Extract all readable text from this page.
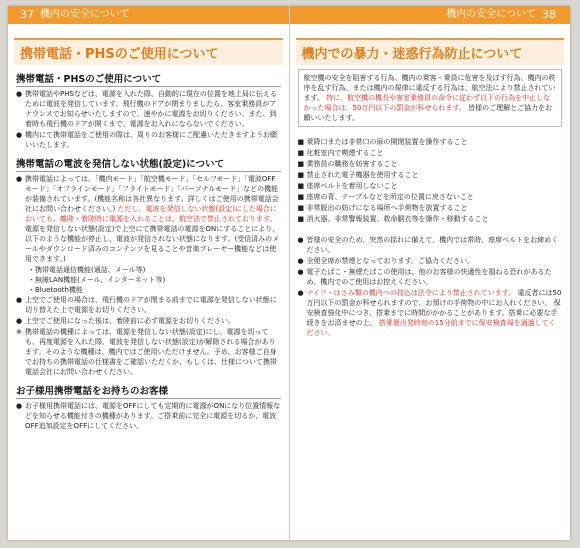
37 機内の安全について
携帯電話・PHSのご使用について
携帯電話・PHSのご使用について
● 携帯電話やPHSなどは、電源を入れた際、自動的に現在の位置を地上局に伝えるために電波を発信しています。飛行機のドアが閉まりましたら、客室乗務員がアナウンスでお知らせいたしますので、速やかに電源をお切りください。また、到着時も飛行機のドアが開くまで、電源をお入れにならないでください。
● 機内にて携帯電話をご使用の際は、周りのお客様にご配慮いただきますようお願いいたします。
携帯電話の電波を発信しない状態(設定)について
● 携帯電話によっては、「機内モード」「航空機モード」「セルフモード」「電波OFFモード」「オフラインモード」「フライトモード」「パーソナルモード」などの機能が装備されています。(機能名称は各社異なります。詳しくはご使用の携帯電話会社にお問い合わせください。) ただし、電波を発信しない状態(設定)にした場合においても、離陸・着陸時に電源を入れることは、航空法で禁止されております。 電源を発信しない状態(設定)で上空にて携帯電話の電源をONにすることにより、以下のような機能が停止し、電波が発信されない状態になります。(受信済みのメールやダウンロード済みのコンテンツを見ることや音楽プレーヤー機能などは使用できます。)
・携帯電話通信機能(通話、メール等)
・無線LAN機能(メール、インターネット等)
・Bluetooth機能
● 上空でご使用の場合は、飛行機のドアが閉まる前までに電源を発信しない状態に切り替えた上で電源をお切りください。
● 上空でご使用になった後は、着陸前に必ず電源をお切りください。
※ 携帯電話の機種によっては、電源を発信しない状態(設定)にし、電源を切っても、再度電源を入れた際、電波を発信しない状態(設定)が解除される場合があります。そのような機種は、機内ではご使用いただけません。予め、お客様ご自身でお持ちの携帯電話の仕様書をご確認いただくか、もしくは、仕様について携帯電話会社にお問い合わせください。
お子様用携帯電話をお持ちのお客様
● お子様用携帯電話には、電源をOFFにしても定期的に電源がONになり位置情報などを知らせる機能付きの機種があります。ご搭乗前に完全に電源を切るか、電波OFF追加設定をOFFにしてください。
機内の安全について 38
機内での暴力・迷惑行為防止について
航空機の安全を阻害する行為、機内の乗客・乗員に危害を及ぼす行為、機内の秩序を乱す行為、または機内の規律に違反する行為は、航空法により禁止されています。 特に、航空機の機長や客室乗務員の命令に従わず以下の行為を中止しなかった場合は、50万円以下の罰金が科せられます。 皆様のご理解とご協力をお願いいたします。
■ 乗降口または非常口の扉の開閉装置を操作すること
■ 化粧室内で喫煙すること
■ 業務員の職務を妨害すること
■ 禁止された電子機器を使用すること
■ 座席ベルトを着用しないこと
■ 座席の背、テーブルなどを所定の位置に戻さないこと
■ 非常脱出の妨げになる場所へ手荷物を放置すること
■ 消火器、非常警報装置、救命胴衣等を操作・移動すること
● 皆様の安全のため、突然の揺れに備えて、機内では常時、座席ベルトをお締めください。
● 全便全席が禁煙となっております。ご協力ください。
● 電子たばこ・無煙たばこの使用は、他のお客様の快適性を損ねる恐れがあるため、機内でのご使用はお控えください。
● ナイフ・はさみ類の機内への持込は法令により禁止されています。 違反者には50万円以下の罰金が科せられますので、お預けの手荷物の中にお入れください。 保安検査強化中につき、搭乗までに時間がかかることがあります。搭乗に必要な手続きをお済ませの上、 搭乗便出発時刻の15分前までに保安検査場を通過してください。
